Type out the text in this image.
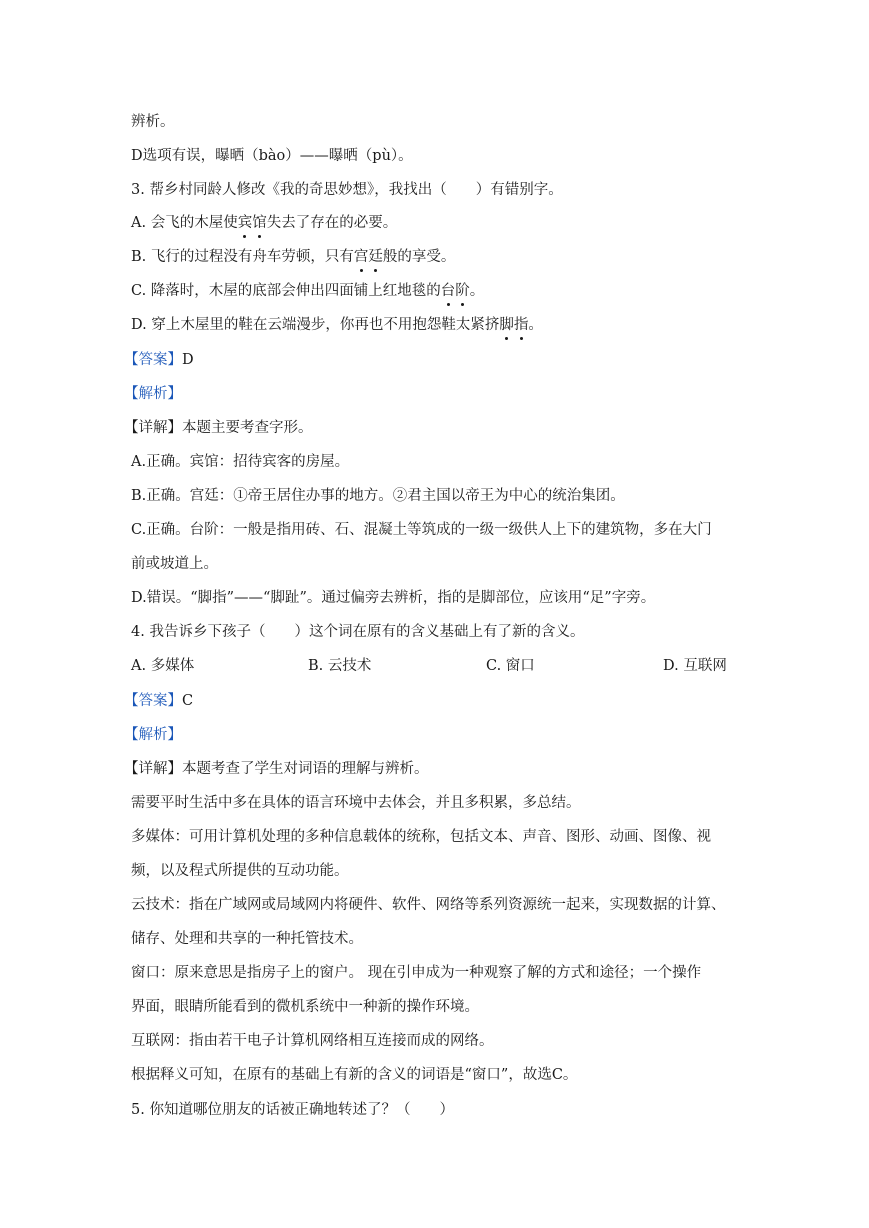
辨析。
D选项有误，曝晒（bào）——曝晒（pù）。
3. 帮乡村同龄人修改《我的奇思妙想》，我找出（　　）有错别字。
A. 会飞的木屋使宾馆失去了存在的必要。
B. 飞行的过程没有舟车劳顿，只有宫廷般的享受。
C. 降落时，木屋的底部会伸出四面铺上红地毯的台阶。
D. 穿上木屋里的鞋在云端漫步，你再也不用抱怨鞋太紧挤脚指。
【答案】D
【解析】
【详解】本题主要考查字形。
A.正确。宾馆：招待宾客的房屋。
B.正确。宫廷：①帝王居住办事的地方。②君主国以帝王为中心的统治集团。
C.正确。台阶：一般是指用砖、石、混凝土等筑成的一级一级供人上下的建筑物，多在大门
前或坡道上。
D.错误。“脚指”——“脚趾”。通过偏旁去辨析，指的是脚部位，应该用“足”字旁。
4. 我告诉乡下孩子（　　）这个词在原有的含义基础上有了新的含义。
A. 多媒体	B. 云技术	C. 窗口	D. 互联网
【答案】C
【解析】
【详解】本题考查了学生对词语的理解与辨析。
需要平时生活中多在具体的语言环境中去体会，并且多积累，多总结。
多媒体：可用计算机处理的多种信息载体的统称，包括文本、声音、图形、动画、图像、视
频，以及程式所提供的互动功能。
云技术：指在广域网或局域网内将硬件、软件、网络等系列资源统一起来，实现数据的计算、
储存、处理和共享的一种托管技术。
窗口：原来意思是指房子上的窗户。 现在引申成为一种观察了解的方式和途径；一个操作
界面，眼睛所能看到的微机系统中一种新的操作环境。
互联网：指由若干电子计算机网络相互连接而成的网络。
根据释义可知，在原有的基础上有新的含义的词语是“窗口”，故选C。
5. 你知道哪位朋友的话被正确地转述了？（　　）
